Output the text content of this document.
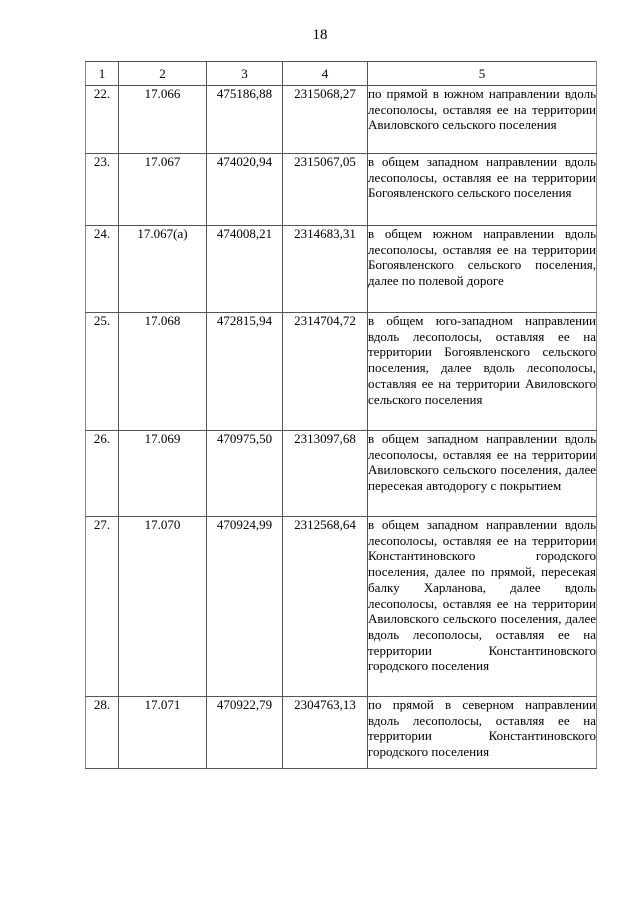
18
1	2	3	4	5
22.	17.066	475186,88	2315068,27	по прямой в южном направлении вдоль лесополосы, оставляя ее на территории Авиловского сельского поселения
23.	17.067	474020,94	2315067,05	в общем западном направлении вдоль лесополосы, оставляя ее на территории Богоявленского сельского поселения
24.	17.067(а)	474008,21	2314683,31	в общем южном направлении вдоль лесополосы, оставляя ее на территории Богоявленского сельского поселения, далее по полевой дороге
25.	17.068	472815,94	2314704,72	в общем юго-западном направлении вдоль лесополосы, оставляя ее на территории Богоявленского сельского поселения, далее вдоль лесополосы, оставляя ее на территории Авиловского сельского поселения
26.	17.069	470975,50	2313097,68	в общем западном направлении вдоль лесополосы, оставляя ее на территории Авиловского сельского поселения, далее пересекая автодорогу с покрытием
27.	17.070	470924,99	2312568,64	в общем западном направлении вдоль лесополосы, оставляя ее на территории Константиновского городского поселения, далее по прямой, пересекая балку Харланова, далее вдоль лесополосы, оставляя ее на территории Авиловского сельского поселения, далее вдоль лесополосы, оставляя ее на территории Константиновского городского поселения
28.	17.071	470922,79	2304763,13	по прямой в северном направлении вдоль лесополосы, оставляя ее на территории Константиновского городского поселения
